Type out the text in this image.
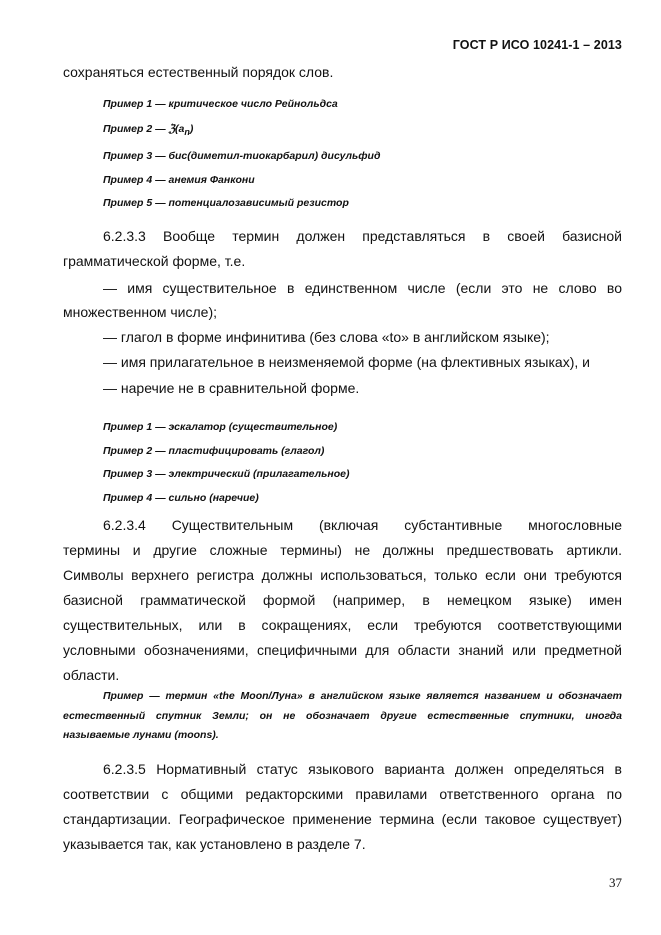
ГОСТ Р ИСО 10241-1 – 2013
сохраняться естественный порядок слов.
Пример 1 — критическое число Рейнольдса
Пример 2 — $ℨ(a_n)$
Пример 3 — бис(диметил-тиокарбарил) дисульфид
Пример 4 — анемия Фанкони
Пример 5 — потенциалозависимый резистор
6.2.3.3 Вообще термин должен представляться в своей базисной
грамматической форме, т.е.
— имя существительное в единственном числе (если это не слово во
множественном числе);
— глагол в форме инфинитива (без слова «to» в английском языке);
— имя прилагательное в неизменяемой форме (на флективных языках), и
— наречие не в сравнительной форме.
Пример 1 — эскалатор (существительное)
Пример 2 — пластифицировать (глагол)
Пример 3 — электрический (прилагательное)
Пример 4 — сильно (наречие)
6.2.3.4 Существительным (включая субстантивные многословные
термины и другие сложные термины) не должны предшествовать артикли.
Символы верхнего регистра должны использоваться, только если они требуются
базисной грамматической формой (например, в немецком языке) имен
существительных, или в сокращениях, если требуются соответствующими
условными обозначениями, специфичными для области знаний или предметной
области.
Пример — термин «the Moon/Луна» в английском языке является названием и обозначает
естественный спутник Земли; он не обозначает другие естественные спутники, иногда
называемые лунами (moons).
6.2.3.5 Нормативный статус языкового варианта должен определяться в
соответствии с общими редакторскими правилами ответственного органа по
стандартизации. Географическое применение термина (если таковое существует)
указывается так, как установлено в разделе 7.
37
